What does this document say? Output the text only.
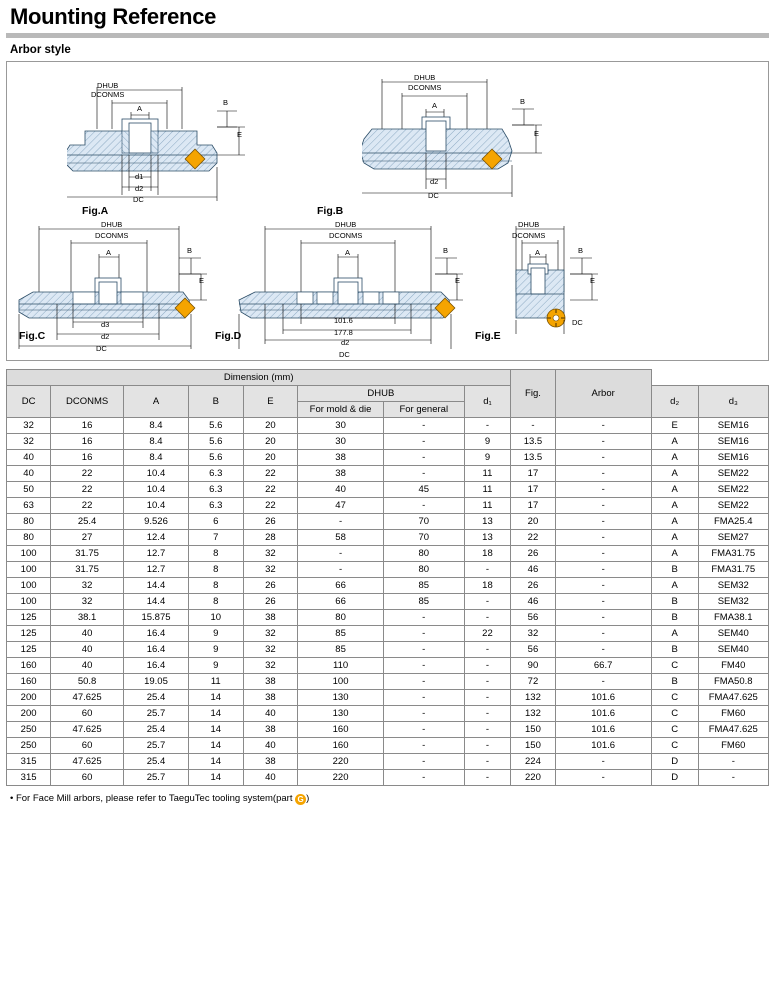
Mounting Reference
Arbor style
DHUB
DCONMS
A
B
E
d1
d2
DC
Fig.A
DHUB
DCONMS
A	B
E
d2
DC
Fig.B
DHUB
DCONMS
A	B
E
d3
d2
DC
DHUB
DCONMS
A	B
E
101.6
177.8
d2
DC
DHUB
DCONMS
A	B
E
DC
Fig.C	Fig.D	Fig.E
Dimension (mm)								Fig.	Arbor		
DC	DCONMS	A	B	E	DHUB		d₁			d₂	d₃
					For mold & die	For general					
32	16	8.4	5.6	20	30	-	-	-	-	E	SEM16
32	16	8.4	5.6	20	30	-	9	13.5	-	A	SEM16
40	16	8.4	5.6	20	38	-	9	13.5	-	A	SEM16
40	22	10.4	6.3	22	38	-	11	17	-	A	SEM22
50	22	10.4	6.3	22	40	45	11	17	-	A	SEM22
63	22	10.4	6.3	22	47	-	11	17	-	A	SEM22
80	25.4	9.526	6	26	-	70	13	20	-	A	FMA25.4
80	27	12.4	7	28	58	70	13	22	-	A	SEM27
100	31.75	12.7	8	32	-	80	18	26	-	A	FMA31.75
100	31.75	12.7	8	32	-	80	-	46	-	B	FMA31.75
100	32	14.4	8	26	66	85	18	26	-	A	SEM32
100	32	14.4	8	26	66	85	-	46	-	B	SEM32
125	38.1	15.875	10	38	80	-	-	56	-	B	FMA38.1
125	40	16.4	9	32	85	-	22	32	-	A	SEM40
125	40	16.4	9	32	85	-	-	56	-	B	SEM40
160	40	16.4	9	32	110	-	-	90	66.7	C	FM40
160	50.8	19.05	11	38	100	-	-	72	-	B	FMA50.8
200	47.625	25.4	14	38	130	-	-	132	101.6	C	FMA47.625
200	60	25.7	14	40	130	-	-	132	101.6	C	FM60
250	47.625	25.4	14	38	160	-	-	150	101.6	C	FMA47.625
250	60	25.7	14	40	160	-	-	150	101.6	C	FM60
315	47.625	25.4	14	38	220	-	-	224	-	D	-
315	60	25.7	14	40	220	-	-	220	-	D	-
• For Face Mill arbors, please refer to TaeguTec tooling system(part G )
